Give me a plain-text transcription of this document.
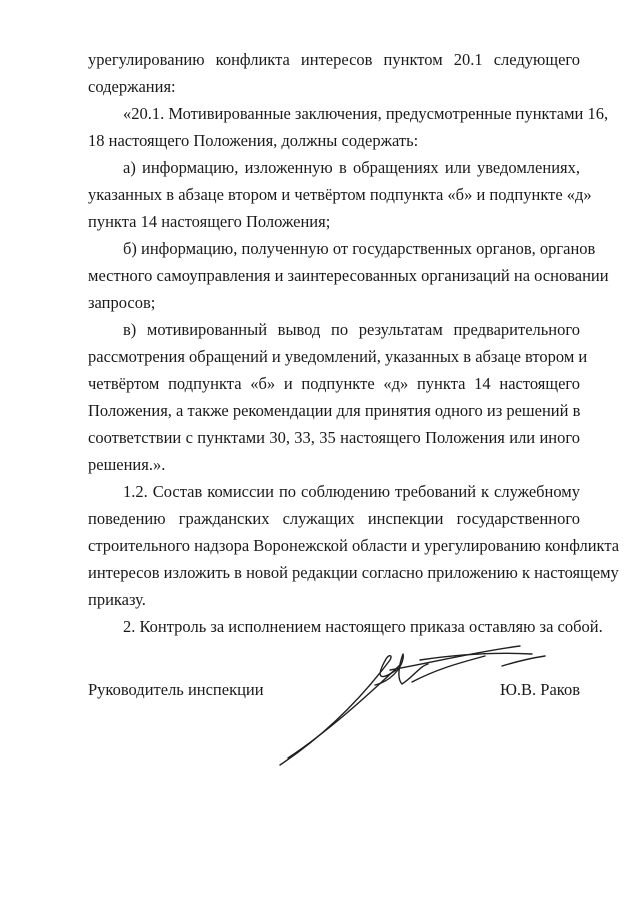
урегулированию конфликта интересов пунктом 20.1 следующего
содержания:
«20.1. Мотивированные заключения, предусмотренные пунктами 16,
18 настоящего Положения, должны содержать:
а) информацию, изложенную в обращениях или уведомлениях,
указанных в абзаце втором и четвёртом подпункта «б» и подпункте «д»
пункта 14 настоящего Положения;
б) информацию, полученную от государственных органов, органов
местного самоуправления и заинтересованных организаций на основании
запросов;
в) мотивированный вывод по результатам предварительного
рассмотрения обращений и уведомлений, указанных в абзаце втором и
четвёртом подпункта «б» и подпункте «д» пункта 14 настоящего
Положения, а также рекомендации для принятия одного из решений в
соответствии с пунктами 30, 33, 35 настоящего Положения или иного
решения.».
1.2. Состав комиссии по соблюдению требований к служебному
поведению гражданских служащих инспекции государственного
строительного надзора Воронежской области и урегулированию конфликта
интересов изложить в новой редакции согласно приложению к настоящему
приказу.
2. Контроль за исполнением настоящего приказа оставляю за собой.
Руководитель инспекции	Ю.В. Раков
